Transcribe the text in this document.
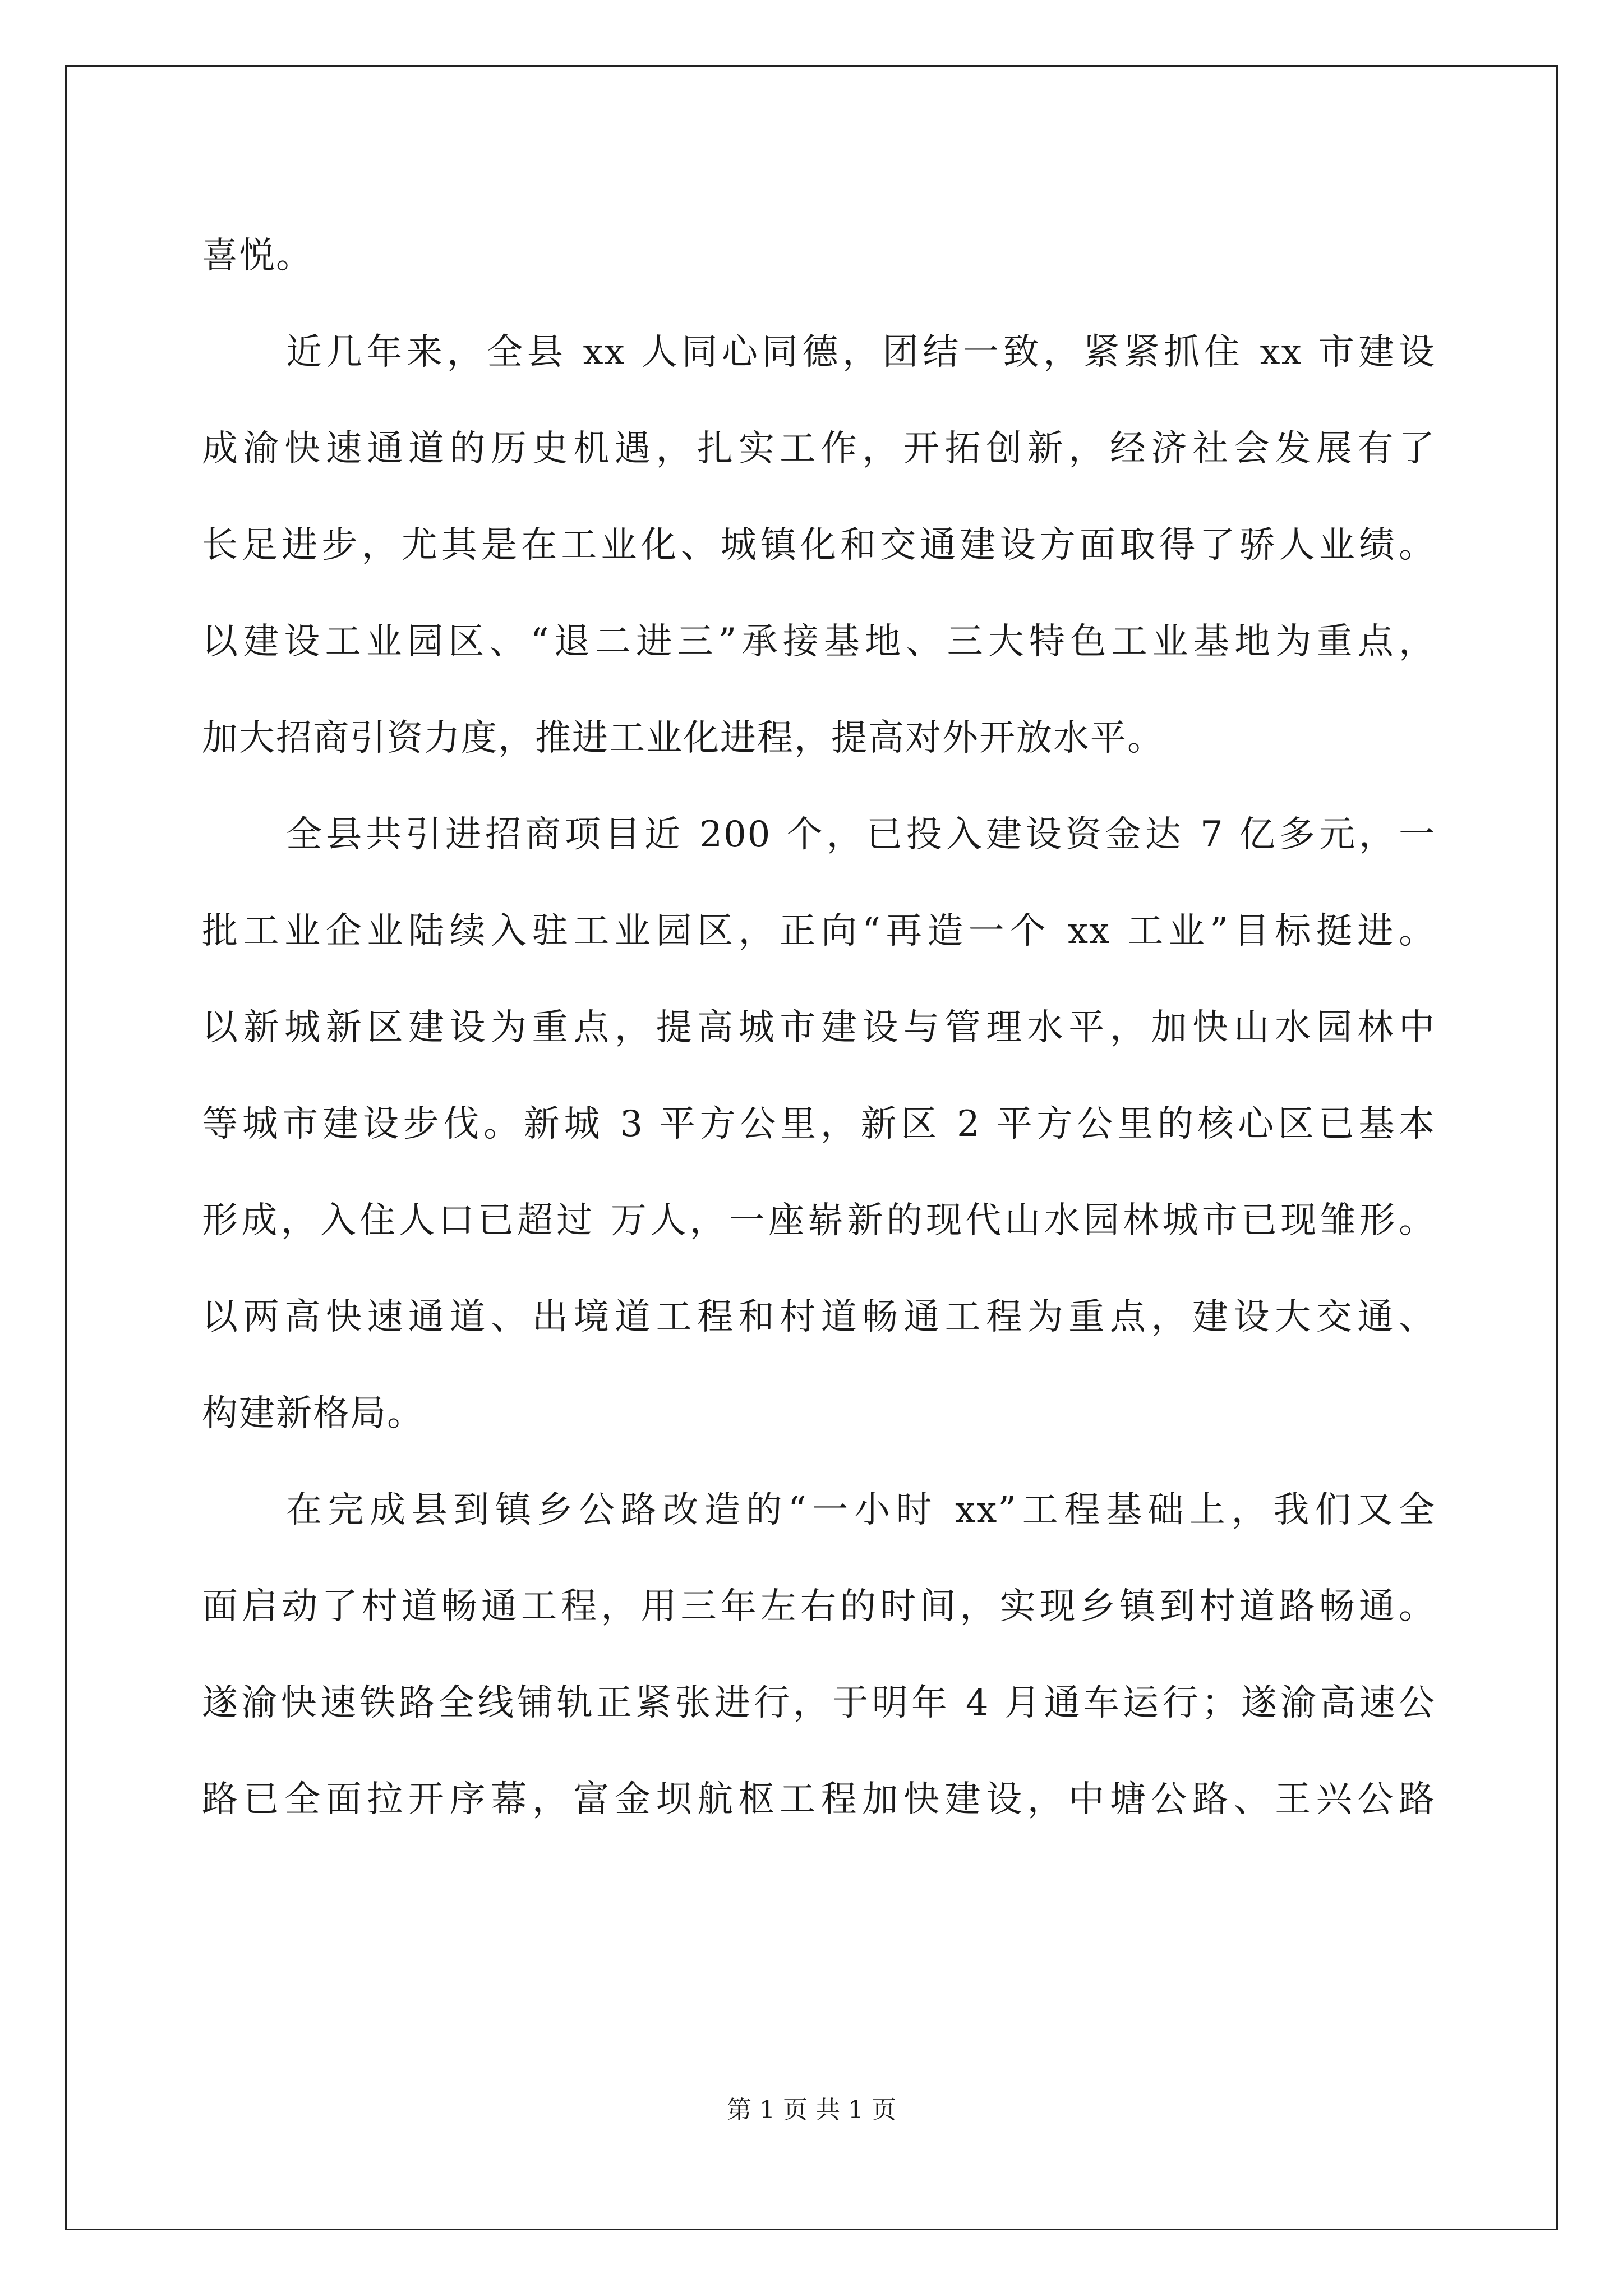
喜悦。
近几年来，全县 xx 人同心同德，团结一致，紧紧抓住 xx 市建设
成渝快速通道的历史机遇，扎实工作，开拓创新，经济社会发展有了
长足进步，尤其是在工业化、城镇化和交通建设方面取得了骄人业绩。
以建设工业园区、“退二进三”承接基地、三大特色工业基地为重点，
加大招商引资力度，推进工业化进程，提高对外开放水平。
全县共引进招商项目近 200 个，已投入建设资金达 7 亿多元，一
批工业企业陆续入驻工业园区，正向“再造一个 xx 工业”目标挺进。
以新城新区建设为重点，提高城市建设与管理水平，加快山水园林中
等城市建设步伐。新城 3 平方公里，新区 2 平方公里的核心区已基本
形成，入住人口已超过 万人，一座崭新的现代山水园林城市已现雏形。
以两高快速通道、出境道工程和村道畅通工程为重点，建设大交通、
构建新格局。
在完成县到镇乡公路改造的“一小时 xx”工程基础上，我们又全
面启动了村道畅通工程，用三年左右的时间，实现乡镇到村道路畅通。
遂渝快速铁路全线铺轨正紧张进行，于明年 4 月通车运行；遂渝高速公
路已全面拉开序幕，富金坝航枢工程加快建设，中塘公路、王兴公路
第 1 页 共 1 页
